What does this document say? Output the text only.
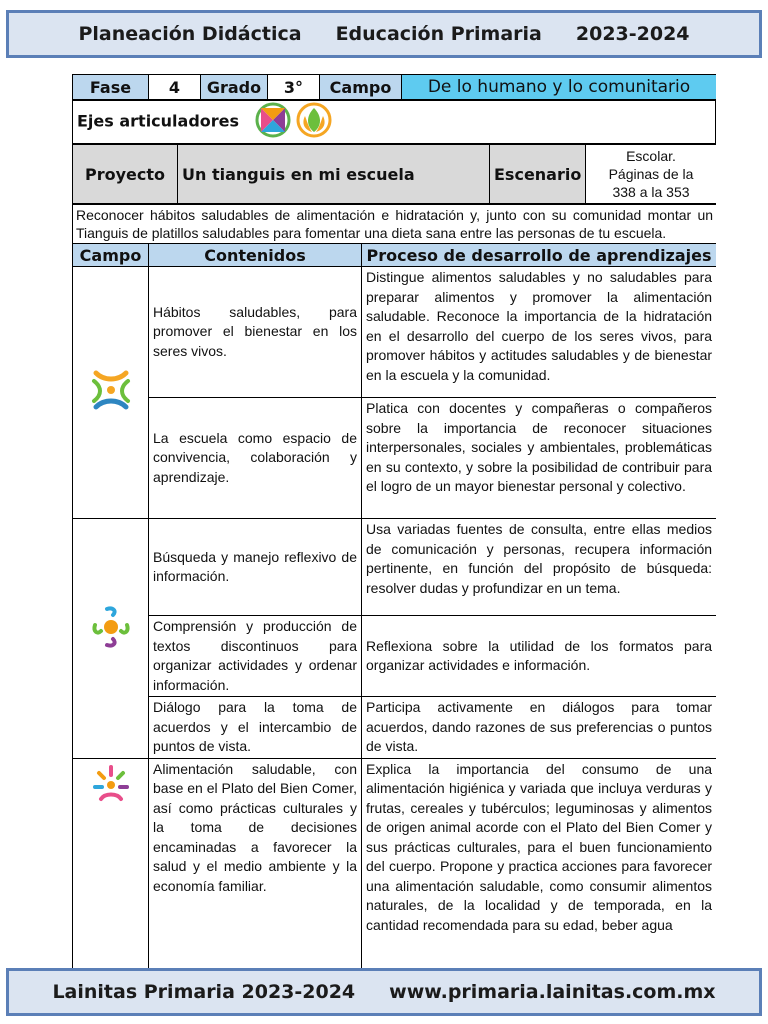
Planeación Didáctica Educación Primaria 2023-2024
Fase	4	Grado	3°	Campo	De lo humano y lo comunitario
Ejes articuladores
Proyecto	Un tianguis en mi escuela	Escenario	Escolar. Páginas de la 338 a la 353
Reconocer hábitos saludables de alimentación e hidratación y, junto con su comunidad montar un Tianguis de platillos saludables para fomentar una dieta sana entre las personas de tu escuela.		
Campo	Contenidos	Proceso de desarrollo de aprendizajes
	Hábitos saludables, para promover el bienestar en los seres vivos.	Distingue alimentos saludables y no saludables para preparar alimentos y promover la alimentación saludable. Reconoce la importancia de la hidratación en el desarrollo del cuerpo de los seres vivos, para promover hábitos y actitudes saludables y de bienestar en la escuela y la comunidad.
	La escuela como espacio de convivencia, colaboración y aprendizaje.	Platica con docentes y compañeras o compañeros sobre la importancia de reconocer situaciones interpersonales, sociales y ambientales, problemáticas en su contexto, y sobre la posibilidad de contribuir para el logro de un mayor bienestar personal y colectivo.
	Búsqueda y manejo reflexivo de información.	Usa variadas fuentes de consulta, entre ellas medios de comunicación y personas, recupera información pertinente, en función del propósito de búsqueda: resolver dudas y profundizar en un tema.
	Comprensión y producción de textos discontinuos para organizar actividades y ordenar información.	Reflexiona sobre la utilidad de los formatos para organizar actividades e información.
	Diálogo para la toma de acuerdos y el intercambio de puntos de vista.	Participa activamente en diálogos para tomar acuerdos, dando razones de sus preferencias o puntos de vista.
	Alimentación saludable, con base en el Plato del Bien Comer, así como prácticas culturales y la toma de decisiones encaminadas a favorecer la salud y el medio ambiente y la economía familiar.	Explica la importancia del consumo de una alimentación higiénica y variada que incluya verduras y frutas, cereales y tubérculos; leguminosas y alimentos de origen animal acorde con el Plato del Bien Comer y sus prácticas culturales, para el buen funcionamiento del cuerpo. Propone y practica acciones para favorecer una alimentación saludable, como consumir alimentos naturales, de la localidad y de temporada, en la cantidad recomendada para su edad, beber agua
Lainitas Primaria 2023-2024 www.primaria.lainitas.com.mx
